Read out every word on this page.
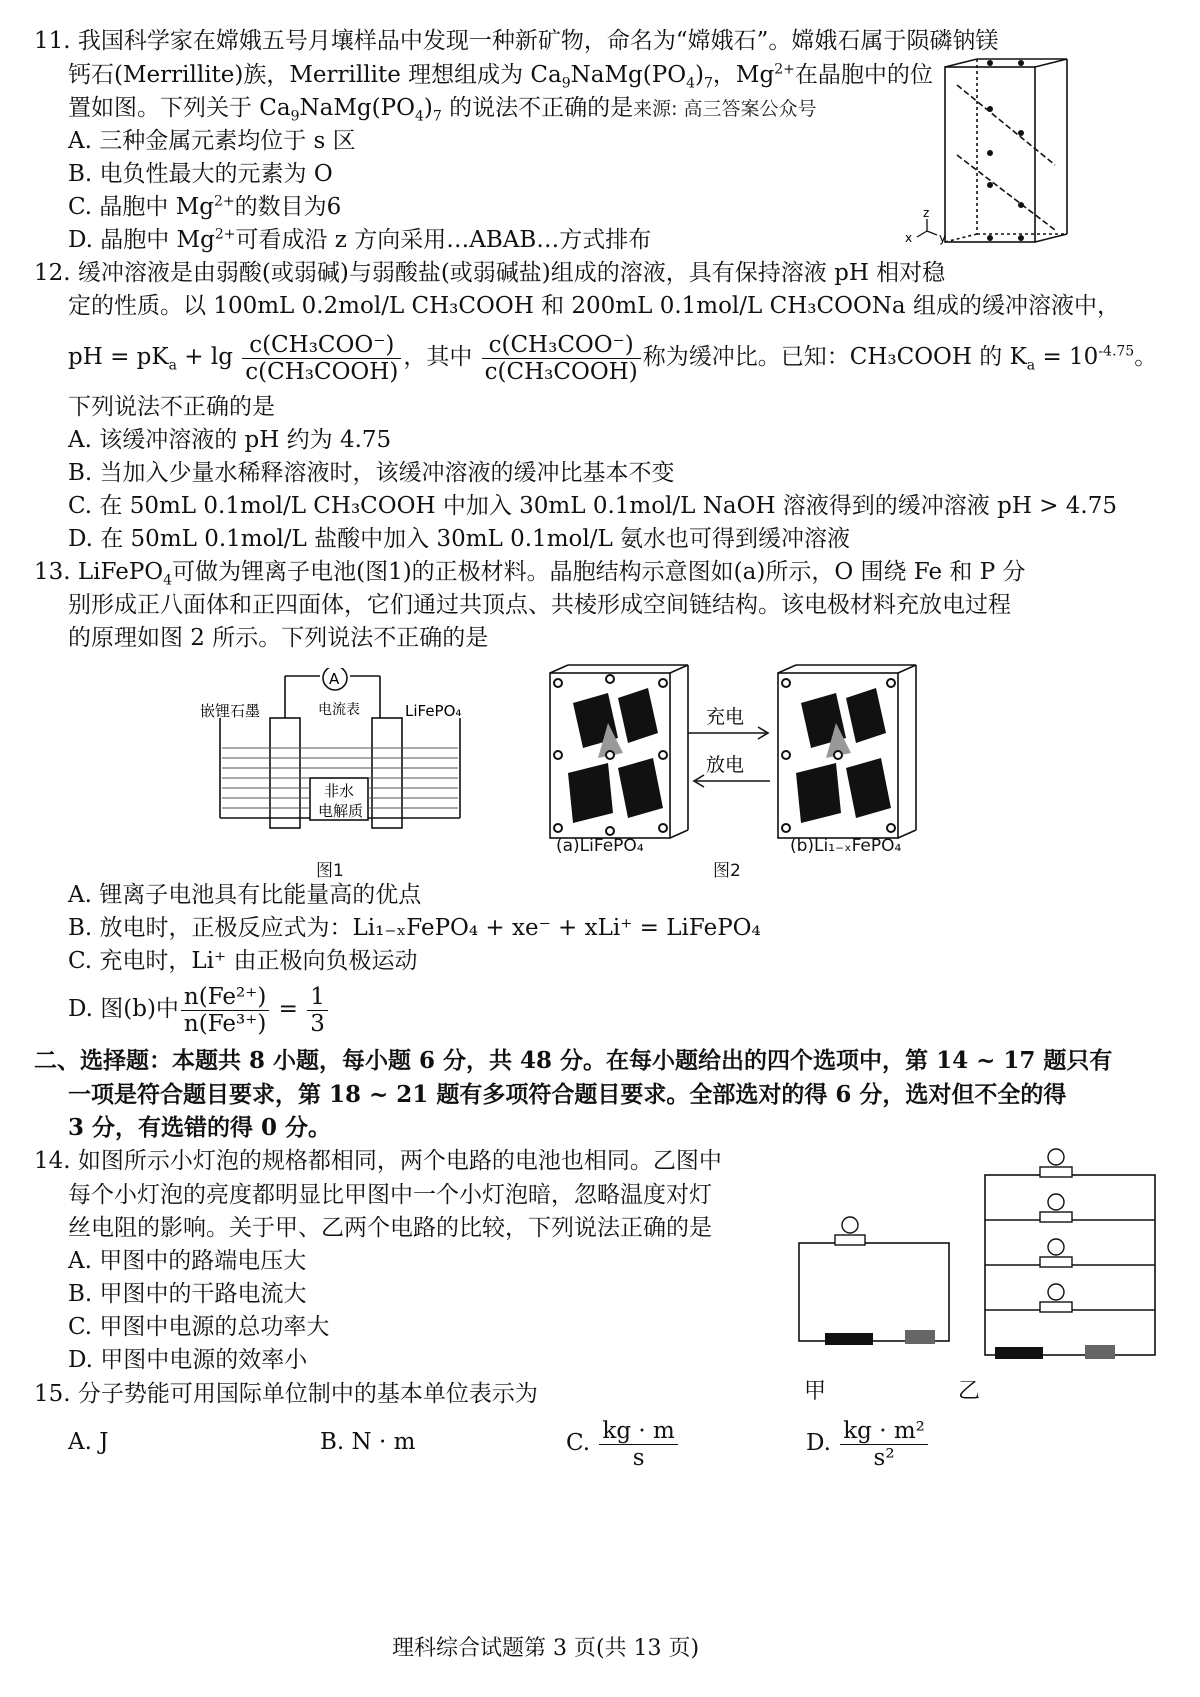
11. 我国科学家在嫦娥五号月壤样品中发现一种新矿物，命名为“嫦娥石”。嫦娥石属于陨磷钠镁
钙石(Merrillite)族，Merrillite 理想组成为 $Ca_9NaMg(PO_4)_7$，$Mg^{2+}$在晶胞中的位
置如图。下列关于 $Ca_9NaMg(PO_4)_7$ 的说法不正确的是来源: 高三答案公众号
A. 三种金属元素均位于 s 区
B. 电负性最大的元素为 O
C. 晶胞中 $Mg^{2+}$的数目为6
D. 晶胞中 $Mg^{2+}$可看成沿 z 方向采用…ABAB…方式排布
z
x y
12. 缓冲溶液是由弱酸(或弱碱)与弱酸盐(或弱碱盐)组成的溶液，具有保持溶液 pH 相对稳
定的性质。以 100mL 0.2mol/L CH₃COOH 和 200mL 0.1mol/L CH₃COONa 组成的缓冲溶液中，
pH = $pK_a + \lg \frac{\text{c(CH₃COO⁻)}}{\text{c(CH₃COOH)}}$ ，其中 $\frac{\text{c(CH₃COO⁻)}}{\text{c(CH₃COOH)}}$ 称为缓冲比。已知：CH₃COOH 的 $K_a = 10^{-4.75}$。
下列说法不正确的是
A. 该缓冲溶液的 pH 约为 4.75
B. 当加入少量水稀释溶液时，该缓冲溶液的缓冲比基本不变
C. 在 50mL 0.1mol/L CH₃COOH 中加入 30mL 0.1mol/L NaOH 溶液得到的缓冲溶液 pH > 4.75
D. 在 50mL 0.1mol/L 盐酸中加入 30mL 0.1mol/L 氨水也可得到缓冲溶液
13. LiFePO$_4$可做为锂离子电池(图1)的正极材料。晶胞结构示意图如(a)所示，O 围绕 Fe 和 P 分
别形成正八面体和正四面体，它们通过共顶点、共棱形成空间链结构。该电极材料充放电过程
的原理如图 2 所示。下列说法不正确的是
A
嵌锂石墨	电流表	LiFePO₄
非水
电解质
图1
充电
放电
(a)LiFePO₄
图2
(b)Li₁₋ₓFePO₄
A. 锂离子电池具有比能量高的优点
B. 放电时，正极反应式为：Li₁₋ₓFePO₄ + xe⁻ + xLi⁺ = LiFePO₄
C. 充电时，Li⁺ 由正极向负极运动
D. 图(b)中 $\frac{\text{n(Fe²⁺)}}{\text{n(Fe³⁺)}} = \frac{1}{3}$
二、选择题：本题共 8 小题，每小题 6 分，共 48 分。在每小题给出的四个选项中，第 14 ~ 17 题只有
一项是符合题目要求，第 18 ~ 21 题有多项符合题目要求。全部选对的得 6 分，选对但不全的得
3 分，有选错的得 0 分。
14. 如图所示小灯泡的规格都相同，两个电路的电池也相同。乙图中
每个小灯泡的亮度都明显比甲图中一个小灯泡暗，忽略温度对灯
丝电阻的影响。关于甲、乙两个电路的比较，下列说法正确的是
A. 甲图中的路端电压大
B. 甲图中的干路电流大
C. 甲图中电源的总功率大
D. 甲图中电源的效率小
甲	乙
15. 分子势能可用国际单位制中的基本单位表示为
A. J	B. N · m	C. $\frac{kg \cdot m}{s}$	D. $\frac{\text{kg · m²}}{\text{s²}}$
理科综合试题第 3 页(共 13 页)
